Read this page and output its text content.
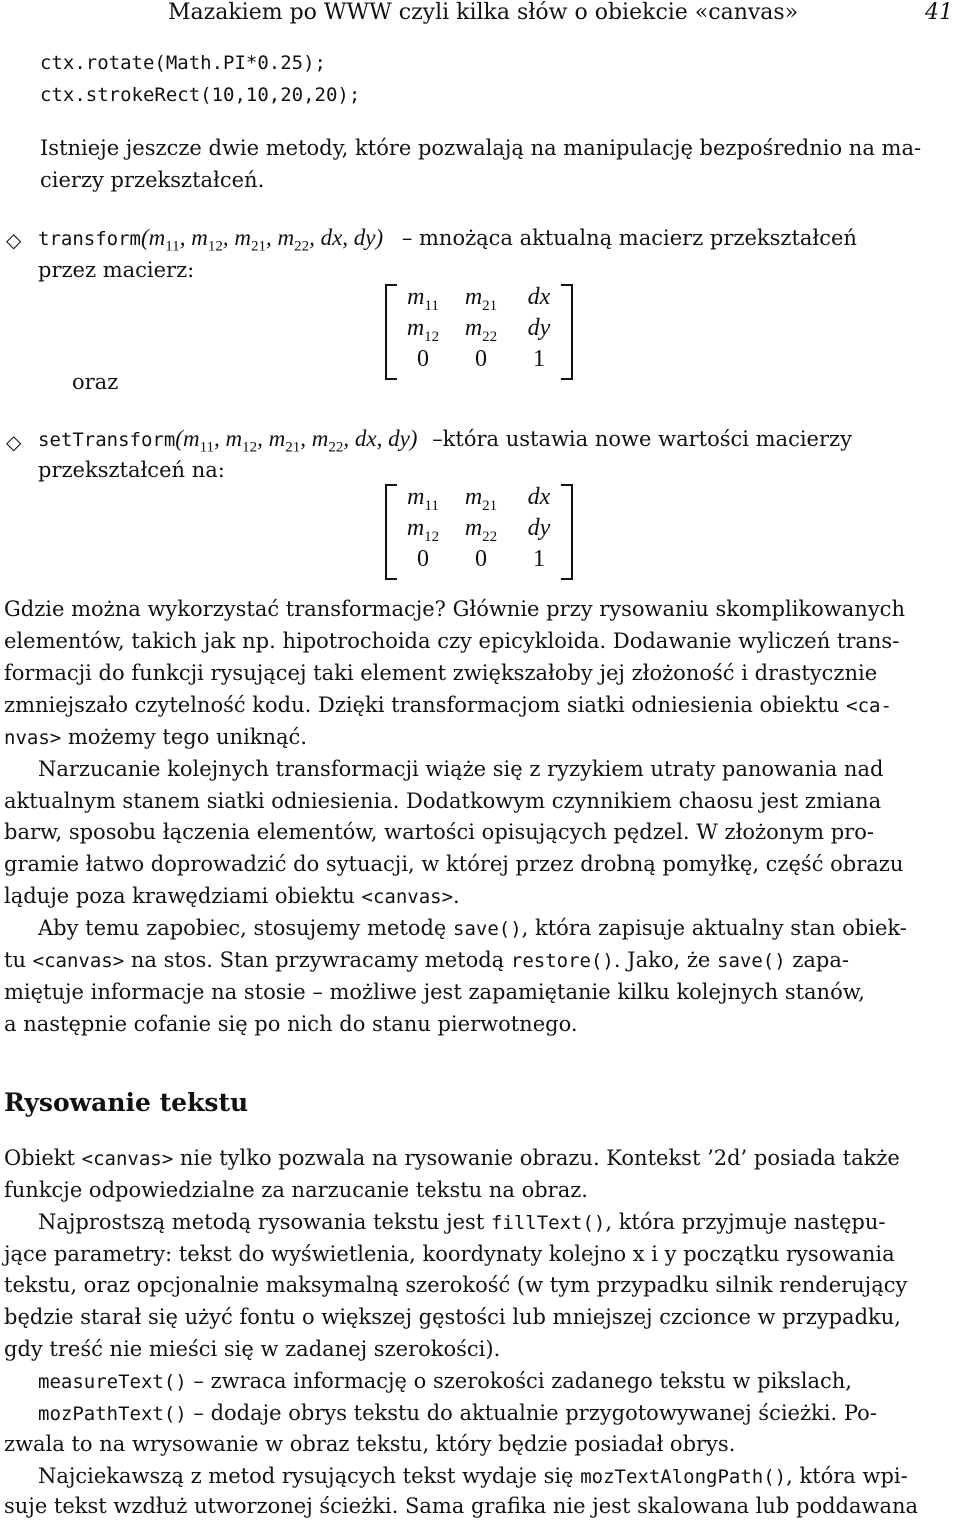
Mazakiem po WWW czyli kilka słów o obiekcie «canvas»	41
ctx.rotate(Math.PI*0.25);
ctx.strokeRect(10,10,20,20);
Istnieje jeszcze dwie metody, które pozwalają na manipulację bezpośrednio na ma-
cierzy przekształceń.
◇ $transform(m_{11}$, $m_{12}$, $m_{21}$, $m_{22}$, dx, dy) – mnożąca aktualną macierz przekształceń
przez macierz:
$m_{11}$	$m_{21}$	dx
$m_{12}$	$m_{22}$	dy
0	0	1
oraz
◇ $setTransform(m_{11}$, $m_{12}$, $m_{21}$, $m_{22}$, dx, dy) –która ustawia nowe wartości macierzy
przekształceń na:
$m_{11}$	$m_{21}$	dx
$m_{12}$	$m_{22}$	dy
0	0	1
Gdzie można wykorzystać transformacje? Głównie przy rysowaniu skomplikowanych
elementów, takich jak np. hipotrochoida czy epicykloida. Dodawanie wyliczeń trans-
formacji do funkcji rysującej taki element zwiększałoby jej złożoność i drastycznie
zmniejszało czytelność kodu. Dzięki transformacjom siatki odniesienia obiektu <ca-
nvas> możemy tego uniknąć.
Narzucanie kolejnych transformacji wiąże się z ryzykiem utraty panowania nad
aktualnym stanem siatki odniesienia. Dodatkowym czynnikiem chaosu jest zmiana
barw, sposobu łączenia elementów, wartości opisujących pędzel. W złożonym pro-
gramie łatwo doprowadzić do sytuacji, w której przez drobną pomyłkę, część obrazu
ląduje poza krawędziami obiektu <canvas>.
Aby temu zapobiec, stosujemy metodę save(), która zapisuje aktualny stan obiek-
tu <canvas> na stos. Stan przywracamy metodą restore(). Jako, że save() zapa-
miętuje informacje na stosie – możliwe jest zapamiętanie kilku kolejnych stanów,
a następnie cofanie się po nich do stanu pierwotnego.
Rysowanie tekstu
Obiekt <canvas> nie tylko pozwala na rysowanie obrazu. Kontekst ’2d’ posiada także
funkcje odpowiedzialne za narzucanie tekstu na obraz.
Najprostszą metodą rysowania tekstu jest fillText(), która przyjmuje następu-
jące parametry: tekst do wyświetlenia, koordynaty kolejno x i y początku rysowania
tekstu, oraz opcjonalnie maksymalną szerokość (w tym przypadku silnik renderujący
będzie starał się użyć fontu o większej gęstości lub mniejszej czcionce w przypadku,
gdy treść nie mieści się w zadanej szerokości).
measureText() – zwraca informację o szerokości zadanego tekstu w pikslach,
mozPathText() – dodaje obrys tekstu do aktualnie przygotowywanej ścieżki. Po-
zwala to na wrysowanie w obraz tekstu, który będzie posiadał obrys.
Najciekawszą z metod rysujących tekst wydaje się mozTextAlongPath(), która wpi-
suje tekst wzdłuż utworzonej ścieżki. Sama grafika nie jest skalowana lub poddawana
